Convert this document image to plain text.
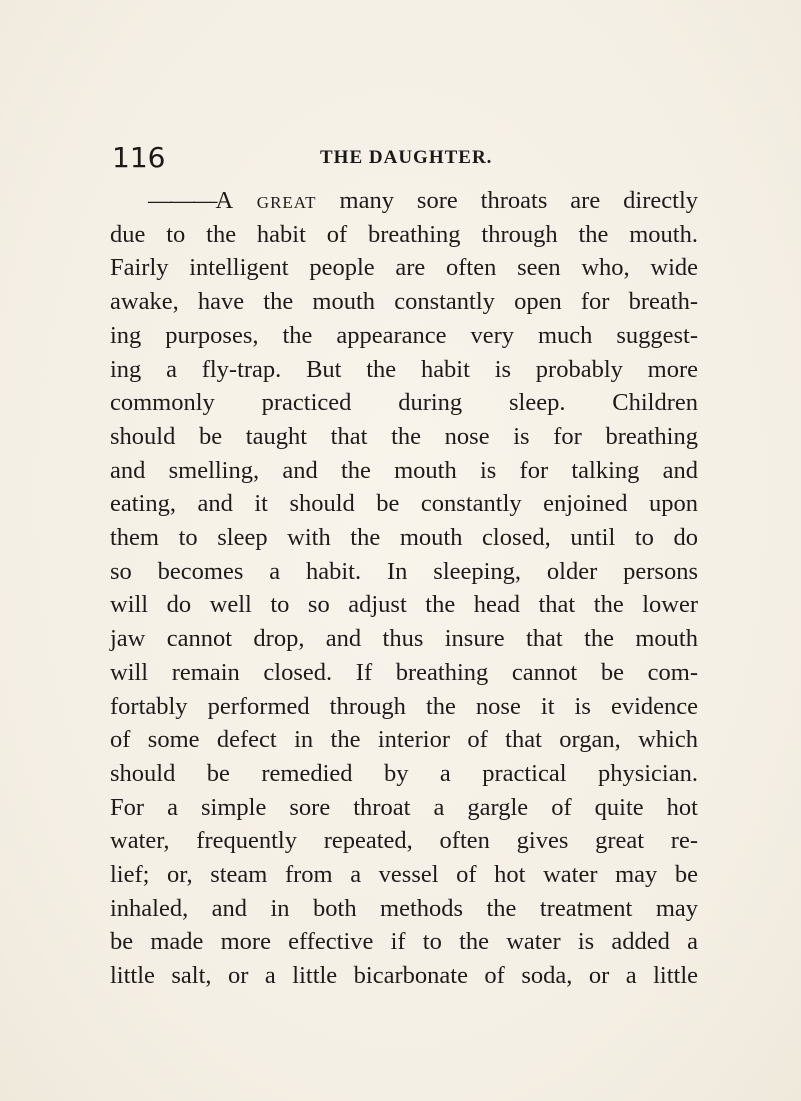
116	THE DAUGHTER.
———A great many sore throats are directly
due to the habit of breathing through the mouth.
Fairly intelligent people are often seen who, wide
awake, have the mouth constantly open for breath-
ing purposes, the appearance very much suggest-
ing a fly-trap. But the habit is probably more
commonly practiced during sleep. Children
should be taught that the nose is for breathing
and smelling, and the mouth is for talking and
eating, and it should be constantly enjoined upon
them to sleep with the mouth closed, until to do
so becomes a habit. In sleeping, older persons
will do well to so adjust the head that the lower
jaw cannot drop, and thus insure that the mouth
will remain closed. If breathing cannot be com-
fortably performed through the nose it is evidence
of some defect in the interior of that organ, which
should be remedied by a practical physician.
For a simple sore throat a gargle of quite hot
water, frequently repeated, often gives great re-
lief; or, steam from a vessel of hot water may be
inhaled, and in both methods the treatment may
be made more effective if to the water is added a
little salt, or a little bicarbonate of soda, or a little
